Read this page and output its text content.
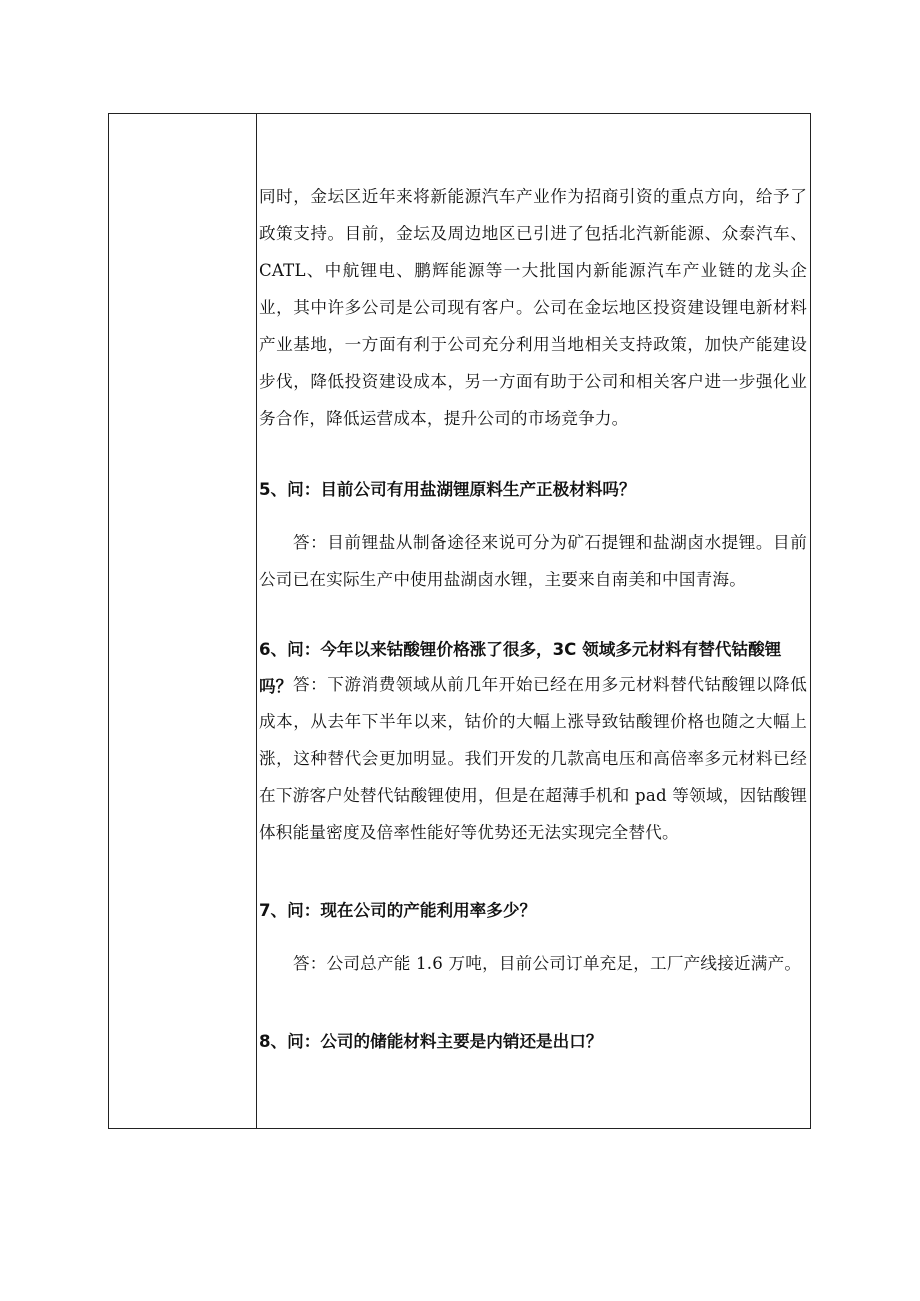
同时，金坛区近年来将新能源汽车产业作为招商引资的重点方向，给予了政策支持。目前，金坛及周边地区已引进了包括北汽新能源、众泰汽车、CATL、中航锂电、鹏辉能源等一大批国内新能源汽车产业链的龙头企业，其中许多公司是公司现有客户。公司在金坛地区投资建设锂电新材料产业基地，一方面有利于公司充分利用当地相关支持政策，加快产能建设步伐，降低投资建设成本，另一方面有助于公司和相关客户进一步强化业务合作，降低运营成本，提升公司的市场竞争力。

5、问：目前公司有用盐湖锂原料生产正极材料吗？

答：目前锂盐从制备途径来说可分为矿石提锂和盐湖卤水提锂。目前公司已在实际生产中使用盐湖卤水锂，主要来自南美和中国青海。

6、问：今年以来钴酸锂价格涨了很多，3C 领域多元材料有替代钴酸锂吗？ 答：下游消费领域从前几年开始已经在用多元材料替代钴酸锂以降低成本，从去年下半年以来，钴价的大幅上涨导致钴酸锂价格也随之大幅上涨，这种替代会更加明显。我们开发的几款高电压和高倍率多元材料已经在下游客户处替代钴酸锂使用，但是在超薄手机和 pad 等领域，因钴酸锂体积能量密度及倍率性能好等优势还无法实现完全替代。

7、问：现在公司的产能利用率多少？

答：公司总产能 1.6 万吨，目前公司订单充足，工厂产线接近满产。

8、问：公司的储能材料主要是内销还是出口？
